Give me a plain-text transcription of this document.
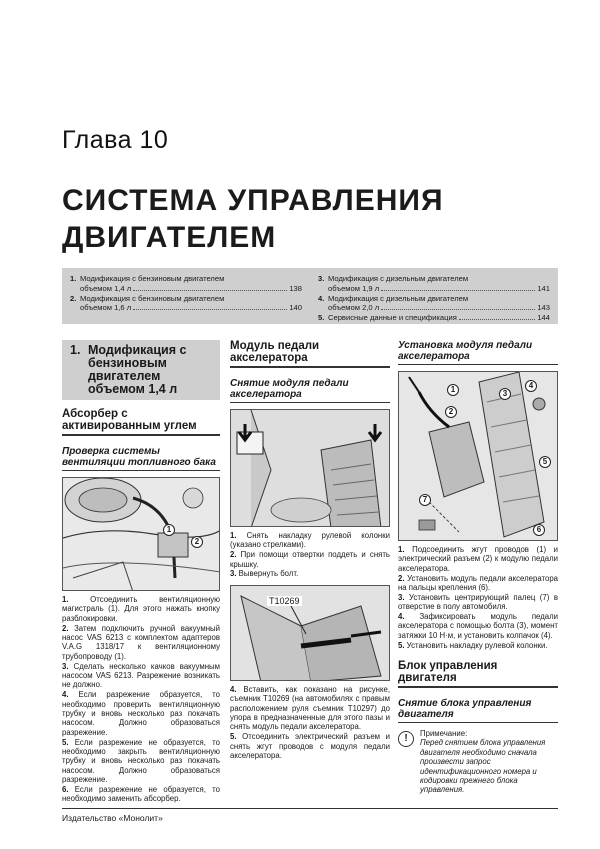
Глава 10
СИСТЕМА УПРАВЛЕНИЯ
ДВИГАТЕЛЕМ
1. Модификация с бензиновым двигателем
объемом 1,4 л	138
2. Модификация с бензиновым двигателем
объемом 1,6 л	140
3. Модификация с дизельным двигателем
объемом 1,9 л	141
4. Модификация с дизельным двигателем
объемом 2,0 л	143
5. Сервисные данные и спецификация	144
1. Модификация с бензиновым двигателем объемом 1,4 л
Абсорбер с активированным углем
Проверка системы вентиляции топливного бака
1
2

1. Отсоединить вентиляционную магистраль (1). Для этого нажать кнопку разблокировки.

2. Затем подключить ручной вакуумный насос VAS 6213 с комплектом адаптеров V.A.G 1318/17 к вентиляционному трубопроводу (1).

3. Сделать несколько качков вакуумным насосом VAS 6213. Разрежение возникать не должно.

4. Если разрежение образуется, то необходимо проверить вентиляционную трубку и вновь несколько раз покачать насосом. Должно образоваться разрежение.

5. Если разрежение не образуется, то необходимо закрыть вентиляционную трубку и вновь несколько раз покачать насосом. Должно образоваться разрежение.

6. Если разрежение не образуется, то необходимо заменить абсорбер.

Модуль педали акселератора
Снятие модуля педали акселератора

1. Снять накладку рулевой колонки (указано стрелками).

2. При помощи отвертки поддеть и снять крышку.

3. Вывернуть болт.

T10269

4. Вставить, как показано на рисунке, съемник T10269 (на автомобилях с правым расположением руля съемник T10297) до упора в предназначенные для этого пазы и снять модуль педали акселератора.

5. Отсоединить электрический разъем и снять жгут проводов с модуля педали акселератора.

Установка модуля педали акселератора
1
2
3
4
5
6
7

1. Подсоединить жгут проводов (1) и электрический разъем (2) к модулю педали акселератора.

2. Установить модуль педали акселератора на пальцы крепления (6).

3. Установить центрирующий палец (7) в отверстие в полу автомобиля.

4. Зафиксировать модуль педали акселератора с помощью болта (3), момент затяжки 10 Н·м, и установить колпачок (4).

5. Установить накладку рулевой колонки.

Блок управления двигателя
Снятие блока управления двигателя
!	Примечание:
Перед снятием блока управления двигателя необходимо сначала произвести запрос идентификационного номера и кодировки прежнего блока управления.
Издательство «Монолит»
